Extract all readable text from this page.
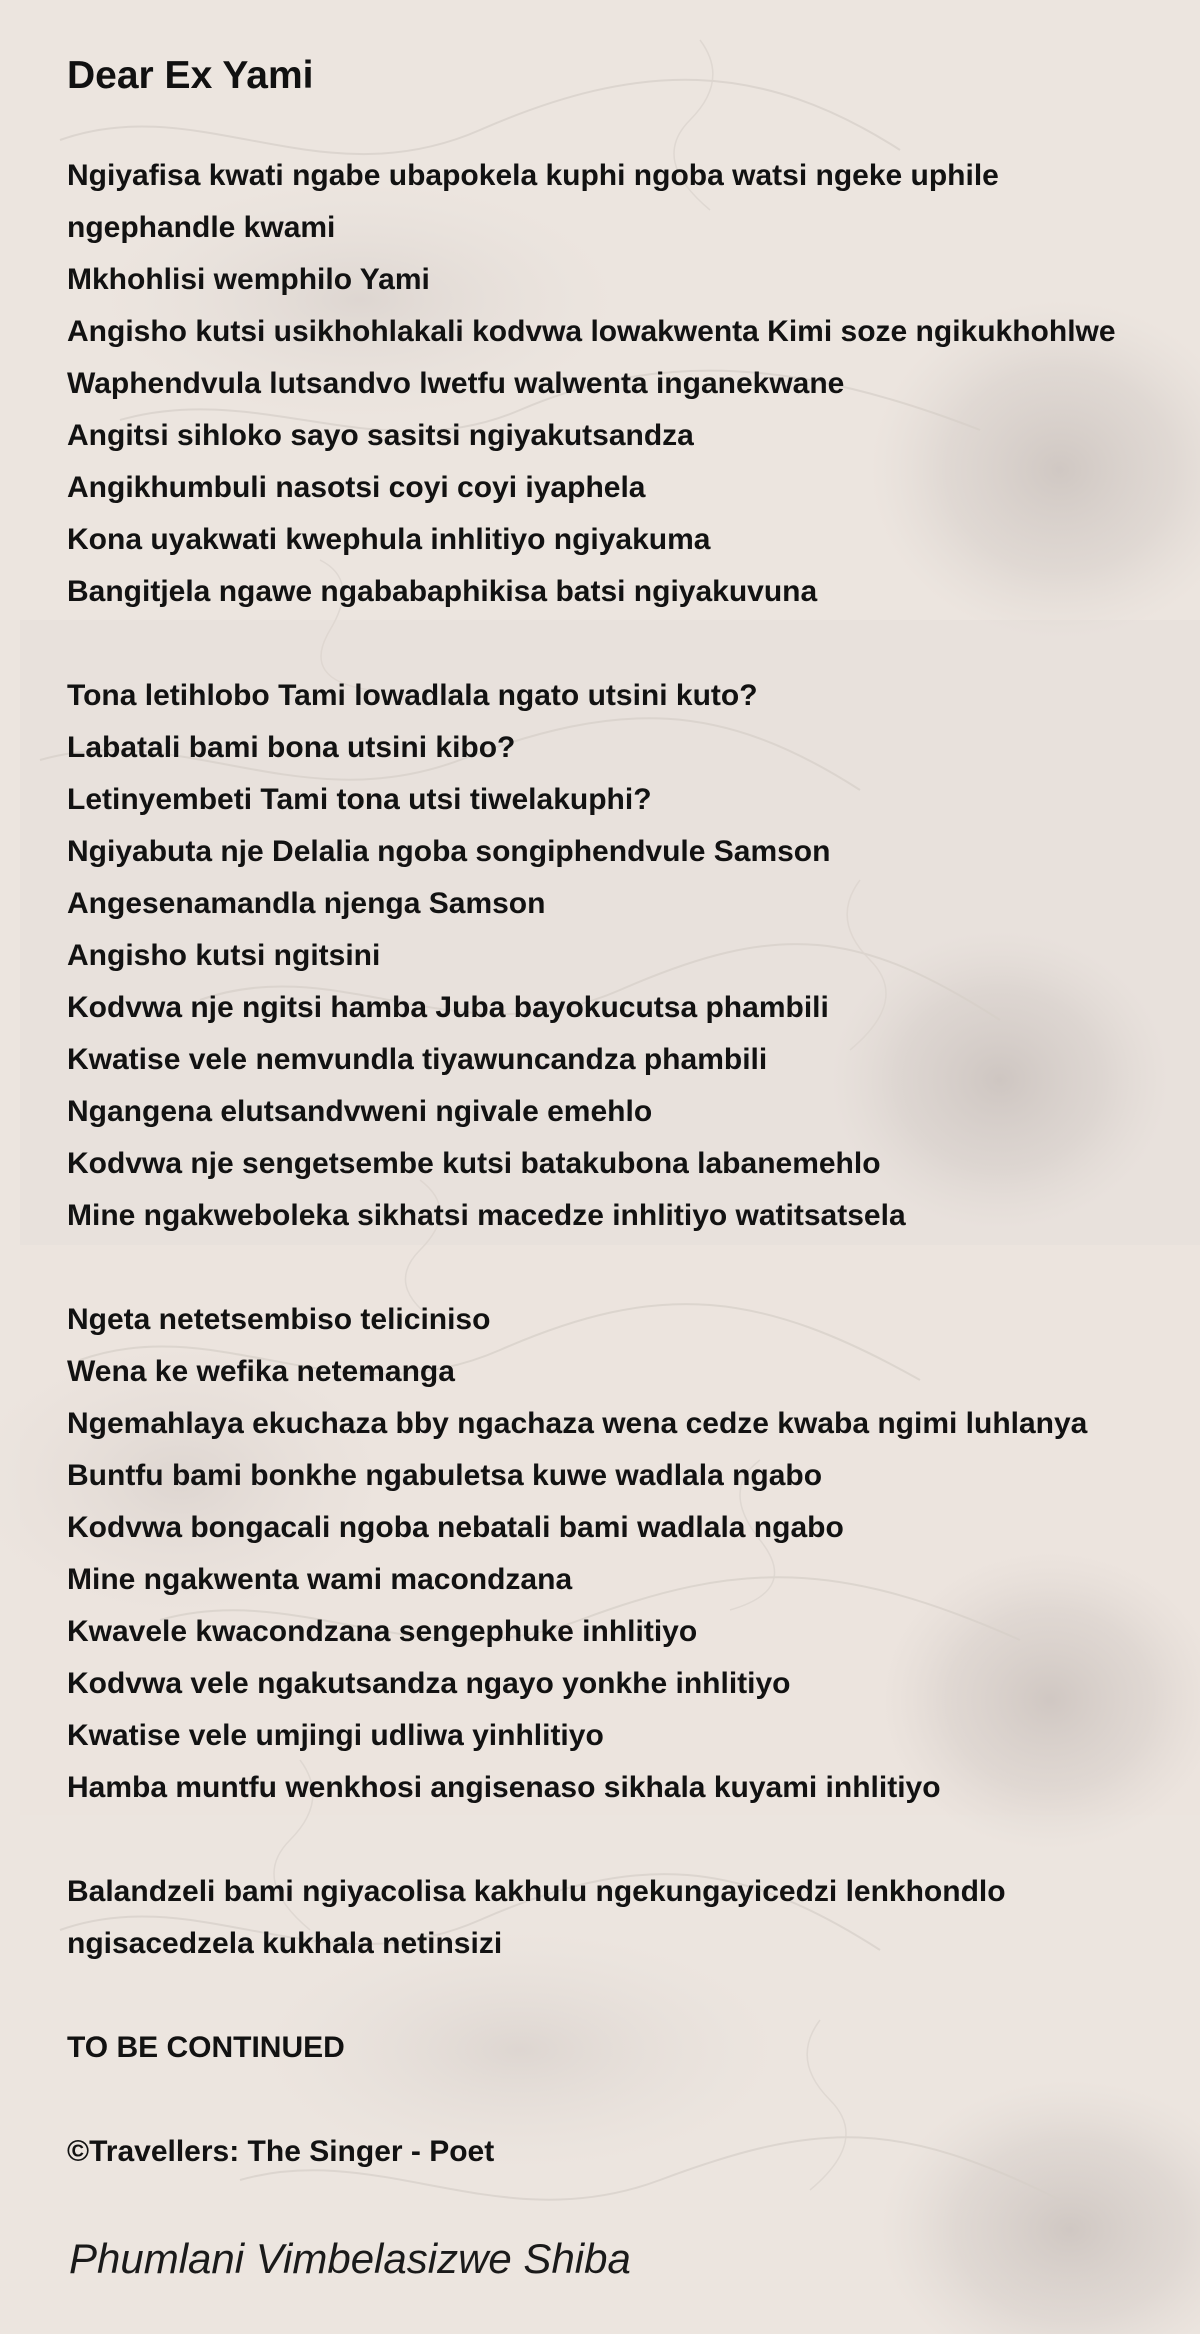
Dear Ex Yami
Ngiyafisa kwati ngabe ubapokela kuphi ngoba watsi ngeke uphile
ngephandle kwami
Mkhohlisi wemphilo Yami
Angisho kutsi usikhohlakali kodvwa lowakwenta Kimi soze ngikukhohlwe
Waphendvula lutsandvo lwetfu walwenta inganekwane
Angitsi sihloko sayo sasitsi ngiyakutsandza
Angikhumbuli nasotsi coyi coyi iyaphela
Kona uyakwati kwephula inhlitiyo ngiyakuma
Bangitjela ngawe ngababaphikisa batsi ngiyakuvuna
Tona letihlobo Tami lowadlala ngato utsini kuto?
Labatali bami bona utsini kibo?
Letinyembeti Tami tona utsi tiwelakuphi?
Ngiyabuta nje Delalia ngoba songiphendvule Samson
Angesenamandla njenga Samson
Angisho kutsi ngitsini
Kodvwa nje ngitsi hamba Juba bayokucutsa phambili
Kwatise vele nemvundla tiyawuncandza phambili
Ngangena elutsandvweni ngivale emehlo
Kodvwa nje sengetsembe kutsi batakubona labanemehlo
Mine ngakweboleka sikhatsi macedze inhlitiyo watitsatsela
Ngeta netetsembiso teliciniso
Wena ke wefika netemanga
Ngemahlaya ekuchaza bby ngachaza wena cedze kwaba ngimi luhlanya
Buntfu bami bonkhe ngabuletsa kuwe wadlala ngabo
Kodvwa bongacali ngoba nebatali bami wadlala ngabo
Mine ngakwenta wami macondzana
Kwavele kwacondzana sengephuke inhlitiyo
Kodvwa vele ngakutsandza ngayo yonkhe inhlitiyo
Kwatise vele umjingi udliwa yinhlitiyo
Hamba muntfu wenkhosi angisenaso sikhala kuyami inhlitiyo
Balandzeli bami ngiyacolisa kakhulu ngekungayicedzi lenkhondlo
ngisacedzela kukhala netinsizi
TO BE CONTINUED
©Travellers: The Singer - Poet
Phumlani Vimbelasizwe Shiba
